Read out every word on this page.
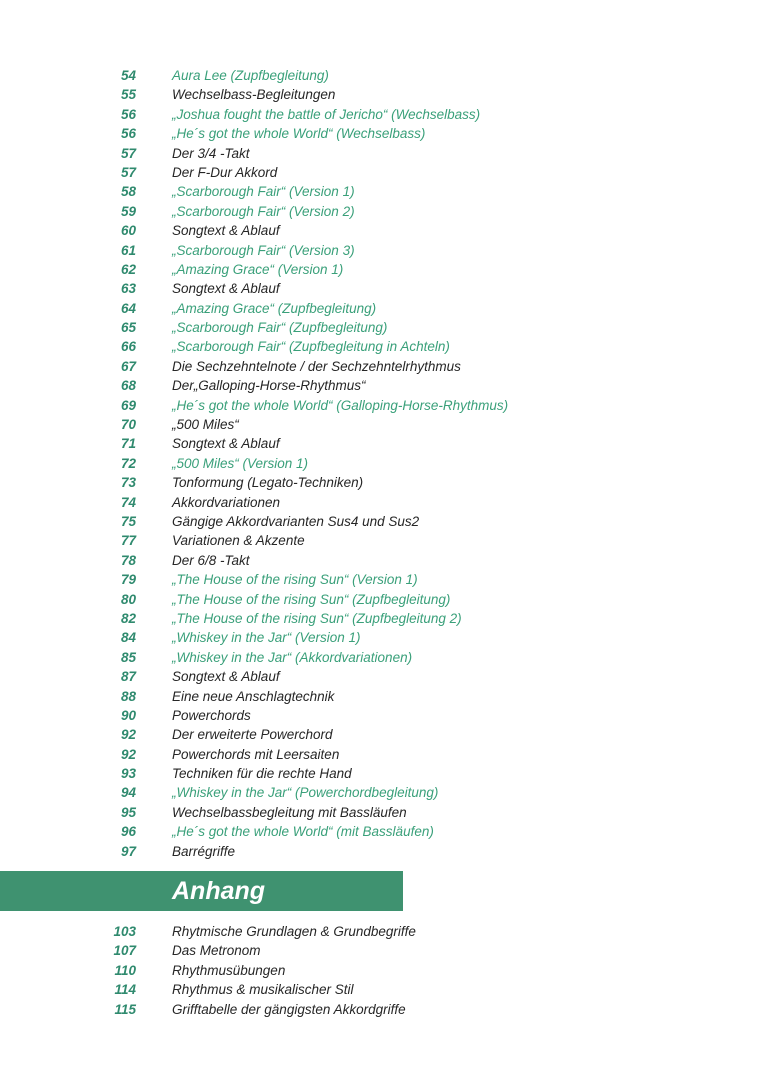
54	Aura Lee (Zupfbegleitung)
55	Wechselbass-Begleitungen
56	„Joshua fought the battle of Jericho“ (Wechselbass)
56	„He´s got the whole World“ (Wechselbass)
57	Der 3/4 -Takt
57	Der F-Dur Akkord
58	„Scarborough Fair“ (Version 1)
59	„Scarborough Fair“ (Version 2)
60	Songtext & Ablauf
61	„Scarborough Fair“ (Version 3)
62	„Amazing Grace“ (Version 1)
63	Songtext & Ablauf
64	„Amazing Grace“ (Zupfbegleitung)
65	„Scarborough Fair“ (Zupfbegleitung)
66	„Scarborough Fair“ (Zupfbegleitung in Achteln)
67	Die Sechzehntelnote / der Sechzehntelrhythmus
68	Der„Galloping-Horse-Rhythmus“
69	„He´s got the whole World“ (Galloping-Horse-Rhythmus)
70	„500 Miles“
71	Songtext & Ablauf
72	„500 Miles“ (Version 1)
73	Tonformung (Legato-Techniken)
74	Akkordvariationen
75	Gängige Akkordvarianten Sus4 und Sus2
77	Variationen & Akzente
78	Der 6/8 -Takt
79	„The House of the rising Sun“ (Version 1)
80	„The House of the rising Sun“ (Zupfbegleitung)
82	„The House of the rising Sun“ (Zupfbegleitung 2)
84	„Whiskey in the Jar“ (Version 1)
85	„Whiskey in the Jar“ (Akkordvariationen)
87	Songtext & Ablauf
88	Eine neue Anschlagtechnik
90	Powerchords
92	Der erweiterte Powerchord
92	Powerchords mit Leersaiten
93	Techniken für die rechte Hand
94	„Whiskey in the Jar“ (Powerchordbegleitung)
95	Wechselbassbegleitung mit Bassläufen
96	„He´s got the whole World“ (mit Bassläufen)
97	Barrégriffe
Anhang
103	Rhytmische Grundlagen & Grundbegriffe
107	Das Metronom
110	Rhythmusübungen
114	Rhythmus & musikalischer Stil
115	Grifftabelle der gängigsten Akkordgriffe
